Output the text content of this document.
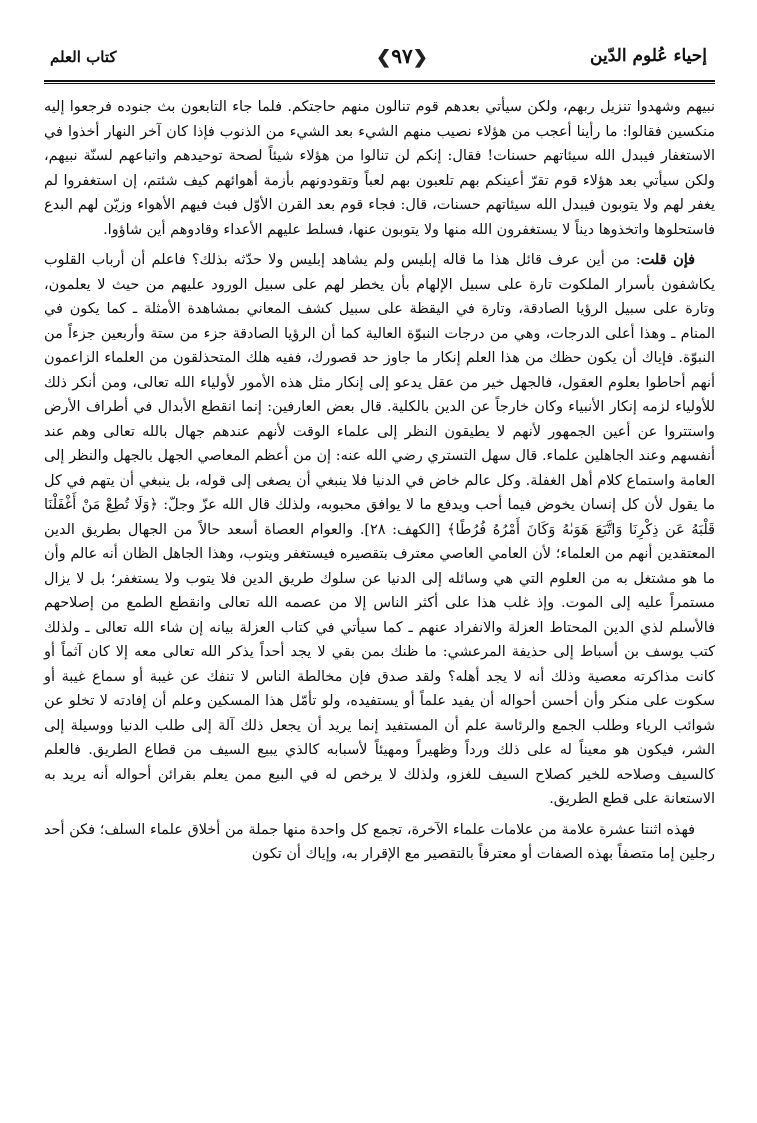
إحياء عُلوم الدّين
❮٩٧❯
كتاب العلم

نبيهم وشهدوا تنزيل ربهم، ولكن سيأتي بعدهم قوم تنالون منهم حاجتكم. فلما جاء التابعون بث جنوده فرجعوا إليه منكسين فقالوا: ما رأينا أعجب من هؤلاء نصيب منهم الشيء بعد الشيء من الذنوب فإذا كان آخر النهار أخذوا في الاستغفار فيبدل الله سيئاتهم حسنات! فقال: إنكم لن تنالوا من هؤلاء شيئاً لصحة توحيدهم واتباعهم لسنّة نبيهم، ولكن سيأتي بعد هؤلاء قوم تقرّ أعينكم بهم تلعبون بهم لعباً وتقودونهم بأزمة أهوائهم كيف شئتم، إن استغفروا لم يغفر لهم ولا يتوبون فيبدل الله سيئاتهم حسنات، قال: فجاء قوم بعد القرن الأوّل فبث فيهم الأهواء وزيّن لهم البدع فاستحلوها واتخذوها ديناً لا يستغفرون الله منها ولا يتوبون عنها، فسلط عليهم الأعداء وقادوهم أين شاؤوا.

فإن قلت: من أين عرف قائل هذا ما قاله إبليس ولم يشاهد إبليس ولا حدّثه بذلك؟ فاعلم أن أرباب القلوب يكاشفون بأسرار الملكوت تارة على سبيل الإلهام بأن يخطر لهم على سبيل الورود عليهم من حيث لا يعلمون، وتارة على سبيل الرؤيا الصادقة، وتارة في اليقظة على سبيل كشف المعاني بمشاهدة الأمثلة ـ كما يكون في المنام ـ وهذا أعلى الدرجات، وهي من درجات النبوّة العالية كما أن الرؤيا الصادقة جزء من ستة وأربعين جزءاً من النبوّة. فإياك أن يكون حظك من هذا العلم إنكار ما جاوز حد قصورك، ففيه هلك المتحذلقون من العلماء الزاعمون أنهم أحاطوا بعلوم العقول، فالجهل خير من عقل يدعو إلى إنكار مثل هذه الأمور لأولياء الله تعالى، ومن أنكر ذلك للأولياء لزمه إنكار الأنبياء وكان خارجاً عن الدين بالكلية. قال بعض العارفين: إنما انقطع الأبدال في أطراف الأرض واستتروا عن أعين الجمهور لأنهم لا يطيقون النظر إلى علماء الوقت لأنهم عندهم جهال بالله تعالى وهم عند أنفسهم وعند الجاهلين علماء. قال سهل التستري رضي الله عنه: إن من أعظم المعاصي الجهل بالجهل والنظر إلى العامة واستماع كلام أهل الغفلة. وكل عالم خاض في الدنيا فلا ينبغي أن يصغى إلى قوله، بل ينبغي أن يتهم في كل ما يقول لأن كل إنسان يخوض فيما أحب ويدفع ما لا يوافق محبوبه، ولذلك قال الله عزّ وجلّ: ﴿وَلَا تُطِعْ مَنْ أَغْفَلْنَا قَلْبَهُ عَن ذِكْرِنَا وَاتَّبَعَ هَوَىٰهُ وَكَانَ أَمْرُهُ فُرُطًا﴾ [الكهف: ٢٨]. والعوام العصاة أسعد حالاً من الجهال بطريق الدين المعتقدين أنهم من العلماء؛ لأن العامي العاصي معترف بتقصيره فيستغفر ويتوب، وهذا الجاهل الظان أنه عالم وأن ما هو مشتغل به من العلوم التي هي وسائله إلى الدنيا عن سلوك طريق الدين فلا يتوب ولا يستغفر؛ بل لا يزال مستمراً عليه إلى الموت. وإذ غلب هذا على أكثر الناس إلا من عصمه الله تعالى وانقطع الطمع من إصلاحهم فالأسلم لذي الدين المحتاط العزلة والانفراد عنهم ـ كما سيأتي في كتاب العزلة بيانه إن شاء الله تعالى ـ ولذلك كتب يوسف بن أسباط إلى حذيفة المرعشي: ما ظنك بمن بقي لا يجد أحداً يذكر الله تعالى معه إلا كان آثماً أو كانت مذاكرته معصية وذلك أنه لا يجد أهله؟ ولقد صدق فإن مخالطة الناس لا تنفك عن غيبة أو سماع غيبة أو سكوت على منكر وأن أحسن أحواله أن يفيد علماً أو يستفيده، ولو تأمّل هذا المسكين وعلم أن إفادته لا تخلو عن شوائب الرياء وطلب الجمع والرئاسة علم أن المستفيد إنما يريد أن يجعل ذلك آلة إلى طلب الدنيا ووسيلة إلى الشر، فيكون هو معيناً له على ذلك ورداً وظهيراً ومهيئاً لأسبابه كالذي يبيع السيف من قطاع الطريق. فالعلم كالسيف وصلاحه للخير كصلاح السيف للغزو، ولذلك لا يرخص له في البيع ممن يعلم بقرائن أحواله أنه يريد به الاستعانة على قطع الطريق.

فهذه اثنتا عشرة علامة من علامات علماء الآخرة، تجمع كل واحدة منها جملة من أخلاق علماء السلف؛ فكن أحد رجلين إما متصفاً بهذه الصفات أو معترفاً بالتقصير مع الإقرار به، وإياك أن تكون
